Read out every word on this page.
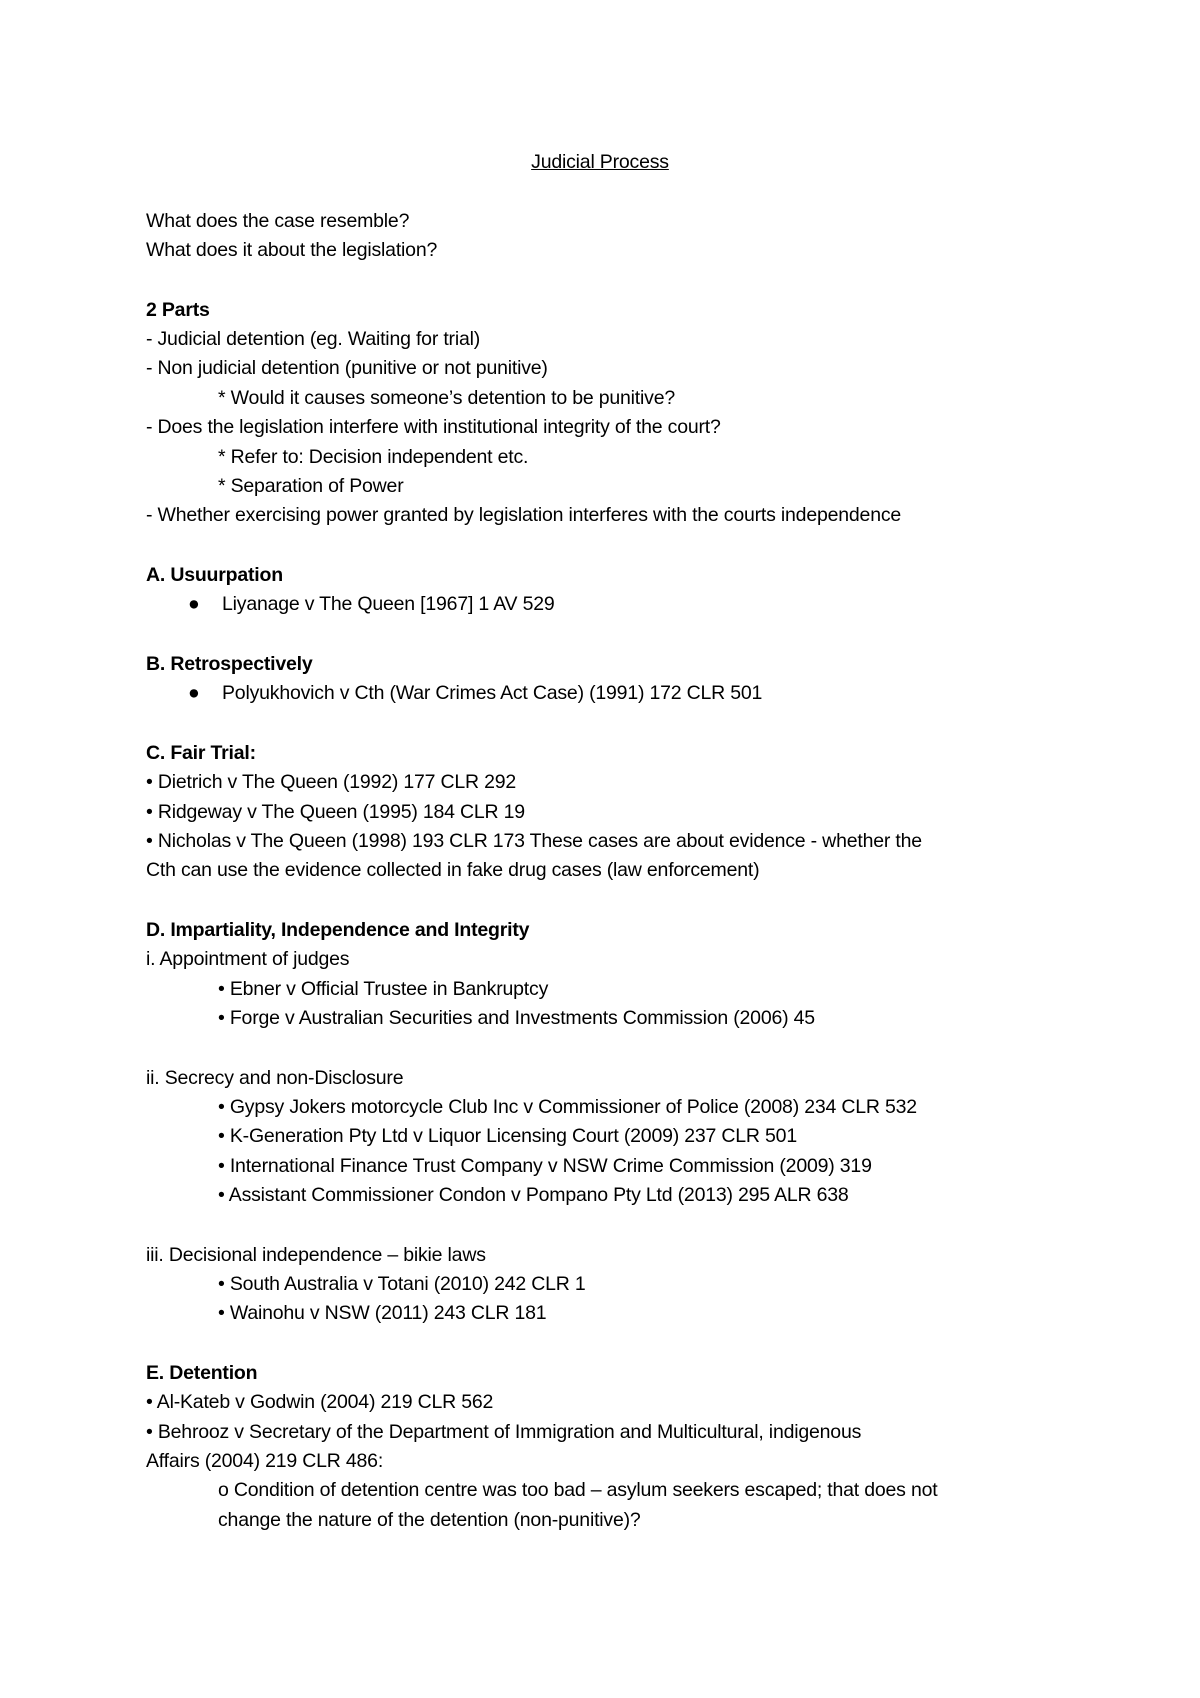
Judicial Process
What does the case resemble?
What does it about the legislation?
2 Parts
- Judicial detention (eg. Waiting for trial)
- Non judicial detention (punitive or not punitive)
* Would it causes someone’s detention to be punitive?
- Does the legislation interfere with institutional integrity of the court?
* Refer to: Decision independent etc.
* Separation of Power
- Whether exercising power granted by legislation interferes with the courts independence
A. Usuurpation
● Liyanage v The Queen [1967] 1 AV 529
B. Retrospectively
● Polyukhovich v Cth (War Crimes Act Case) (1991) 172 CLR 501
C. Fair Trial:
• Dietrich v The Queen (1992) 177 CLR 292
• Ridgeway v The Queen (1995) 184 CLR 19
• Nicholas v The Queen (1998) 193 CLR 173 These cases are about evidence - whether the
Cth can use the evidence collected in fake drug cases (law enforcement)
D. Impartiality, Independence and Integrity
i. Appointment of judges
• Ebner v Official Trustee in Bankruptcy
• Forge v Australian Securities and Investments Commission (2006) 45
ii. Secrecy and non-Disclosure
• Gypsy Jokers motorcycle Club Inc v Commissioner of Police (2008) 234 CLR 532
• K-Generation Pty Ltd v Liquor Licensing Court (2009) 237 CLR 501
• International Finance Trust Company v NSW Crime Commission (2009) 319
• Assistant Commissioner Condon v Pompano Pty Ltd (2013) 295 ALR 638
iii. Decisional independence – bikie laws
• South Australia v Totani (2010) 242 CLR 1
• Wainohu v NSW (2011) 243 CLR 181
E. Detention
• Al-Kateb v Godwin (2004) 219 CLR 562
• Behrooz v Secretary of the Department of Immigration and Multicultural, indigenous
Affairs (2004) 219 CLR 486:
o Condition of detention centre was too bad – asylum seekers escaped; that does not
change the nature of the detention (non-punitive)?
